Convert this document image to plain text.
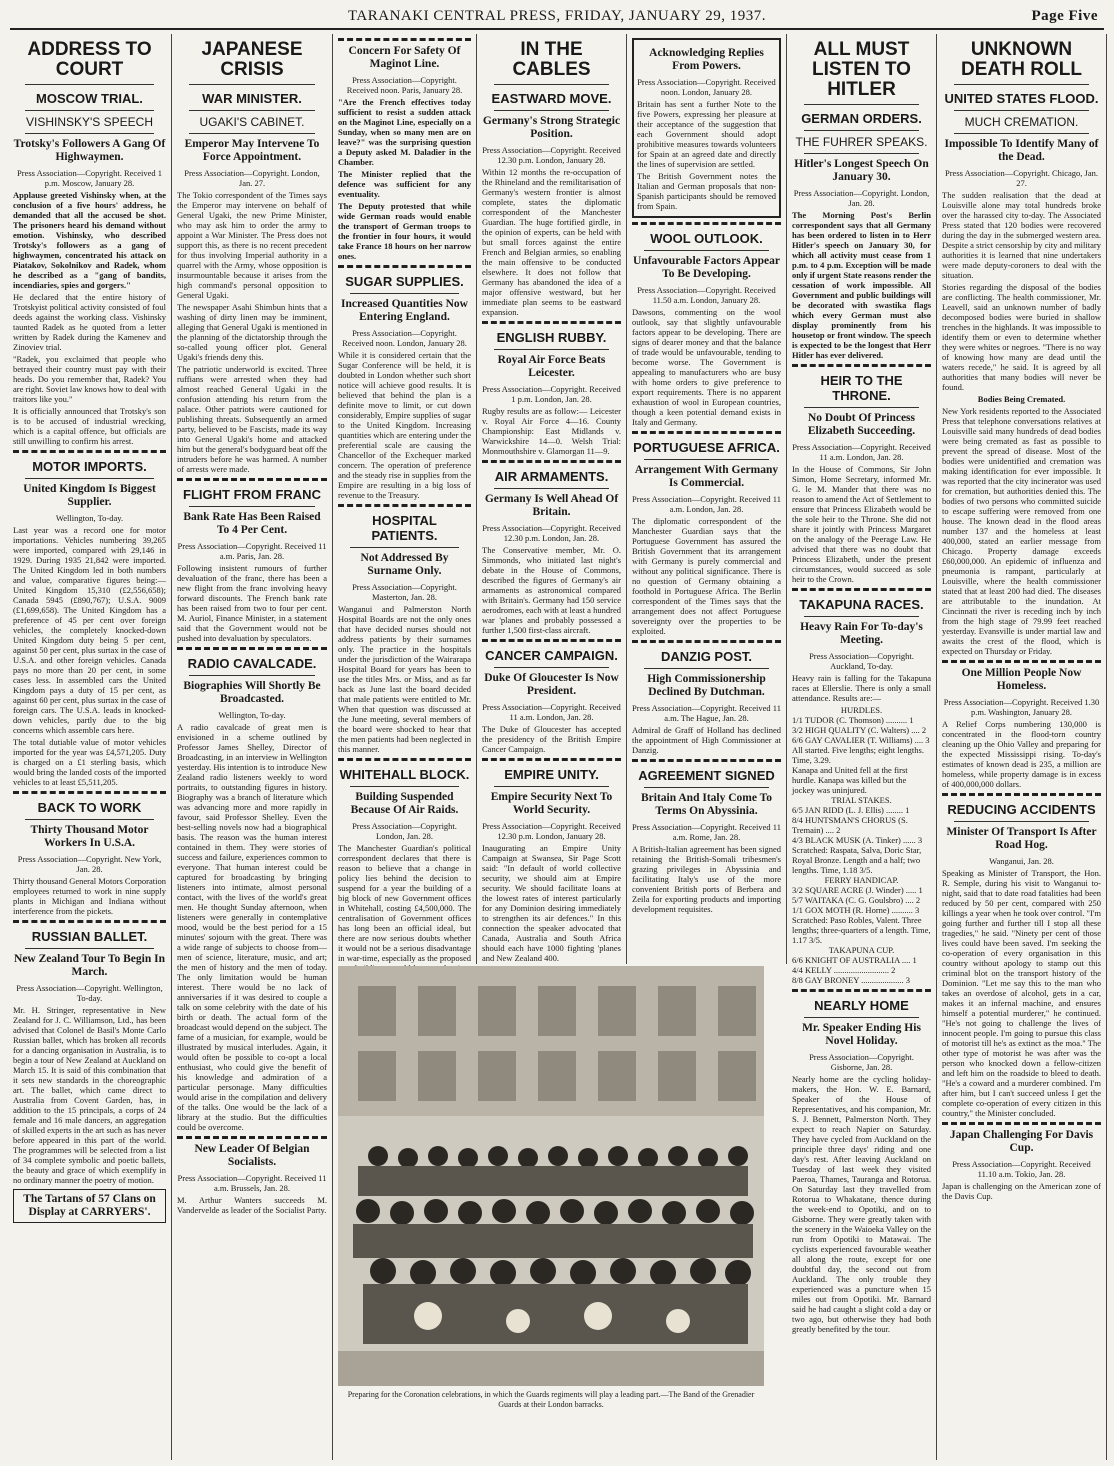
TARANAKI CENTRAL PRESS, FRIDAY, JANUARY 29, 1937.	Page Five
ADDRESS TO COURT
MOSCOW TRIAL.
VISHINSKY'S SPEECH
Trotsky's Followers A Gang Of Highwaymen.
Press Association—Copyright. Received 1 p.m. Moscow, January 28.

Applause greeted Vishinsky when, at the conclusion of a five hours' address, he demanded that all the accused be shot. The prisoners heard his demand without emotion. Vishinsky, who described Trotsky's followers as a gang of highwaymen, concentrated his attack on Piatakov, Sokolnikov and Radek, whom he described as a "gang of bandits, incendiaries, spies and gorgers."

He declared that the entire history of Trotskyist political activity consisted of foul deeds against the working class. Vishinsky taunted Radek as he quoted from a letter written by Radek during the Kamenev and Zinoviev trial.

"Radek, you exclaimed that people who betrayed their country must pay with their heads. Do you remember that, Radek? You are right. Soviet law knows how to deal with traitors like you."

It is officially announced that Trotsky's son is to be accused of industrial wrecking, which is a capital offence, but officials are still unwilling to confirm his arrest.

MOTOR IMPORTS.
United Kingdom Is Biggest Supplier.
Wellington, To-day.

Last year was a record one for motor importations. Vehicles numbering 39,265 were imported, compared with 29,146 in 1929. During 1935 21,842 were imported. The United Kingdom led in both numbers and value, comparative figures being:— United Kingdom 15,310 (£2,556,658); Canada 5945 (£890,767); U.S.A. 9009 (£1,699,658). The United Kingdom has a preference of 45 per cent over foreign vehicles, the completely knocked-down United Kingdom duty being 5 per cent, against 50 per cent, plus surtax in the case of U.S.A. and other foreign vehicles. Canada pays no more than 20 per cent, in some cases less. In assembled cars the United Kingdom pays a duty of 15 per cent, as against 60 per cent, plus surtax in the case of foreign cars. The U.S.A. leads in knocked-down vehicles, partly due to the big concerns which assemble cars here.

The total dutiable value of motor vehicles imported for the year was £4,571,205. Duty is charged on a £1 sterling basis, which would bring the landed costs of the imported vehicles to at least £5,511,205.

BACK TO WORK
Thirty Thousand Motor Workers In U.S.A.
Press Association—Copyright. New York, Jan. 28.

Thirty thousand General Motors Corporation employees returned to work in nine supply plants in Michigan and Indiana without interference from the pickets.

RUSSIAN BALLET.
New Zealand Tour To Begin In March.
Press Association—Copyright. Wellington, To-day.

Mr. H. Stringer, representative in New Zealand for J. C. Williamson, Ltd., has been advised that Colonel de Basil's Monte Carlo Russian ballet, which has broken all records for a dancing organisation in Australia, is to begin a tour of New Zealand at Auckland on March 15. It is said of this combination that it sets new standards in the choreographic art. The ballet, which came direct to Australia from Covent Garden, has, in addition to the 15 principals, a corps of 24 female and 16 male dancers, an aggregation of skilled experts in the art such as has never before appeared in this part of the world. The programmes will be selected from a list of 34 complete symbolic and poetic ballets, the beauty and grace of which exemplify in no ordinary manner the poetry of motion.

The Tartans of 57 Clans on Display at CARRYERS'.
JAPANESE CRISIS
WAR MINISTER.
UGAKI'S CABINET.
Emperor May Intervene To Force Appointment.
Press Association—Copyright. London, Jan. 27.

The Tokio correspondent of the Times says the Emperor may intervene on behalf of General Ugaki, the new Prime Minister, who may ask him to order the army to appoint a War Minister. The Press does not support this, as there is no recent precedent for thus involving Imperial authority in a quarrel with the Army, whose opposition is insurmountable because it arises from the high command's personal opposition to General Ugaki.

The newspaper Asahi Shimbun hints that a washing of dirty linen may be imminent, alleging that General Ugaki is mentioned in the planning of the dictatorship through the so-called young officer plot. General Ugaki's friends deny this.

The patriotic underworld is excited. Three ruffians were arrested when they had almost reached General Ugaki in the confusion attending his return from the palace. Other patriots were cautioned for publishing threats. Subsequently an armed party, believed to be Fascists, made its way into General Ugaki's home and attacked him but the general's bodyguard beat off the intruders before he was harmed. A number of arrests were made.

FLIGHT FROM FRANC
Bank Rate Has Been Raised To 4 Per Cent.
Press Association—Copyright. Received 11 a.m. Paris, Jan. 28.

Following insistent rumours of further devaluation of the franc, there has been a new flight from the franc involving heavy forward discounts. The French bank rate has been raised from two to four per cent. M. Auriol, Finance Minister, in a statement said that the Government would not be pushed into devaluation by speculators.

RADIO CAVALCADE.
Biographies Will Shortly Be Broadcasted.
Wellington, To-day.

A radio cavalcade of great men is envisioned in a scheme outlined by Professor James Shelley, Director of Broadcasting, in an interview in Wellington yesterday. His intention is to introduce New Zealand radio listeners weekly to word portraits, to outstanding figures in history. Biography was a branch of literature which was advancing more and more rapidly in favour, said Professor Shelley. Even the best-selling novels now had a biographical basis. The reason was the human interest contained in them. They were stories of success and failure, experiences common to everyone. That human interest could be captured for broadcasting by bringing listeners into intimate, almost personal contact, with the lives of the world's great men. He thought Sunday afternoon, when listeners were generally in contemplative mood, would be the best period for a 15 minutes' sojourn with the great. There was a wide range of subjects to choose from—men of science, literature, music, and art; the men of history and the men of today. The only limitation would be human interest. There would be no lack of anniversaries if it was desired to couple a talk on some celebrity with the date of his birth or death. The actual form of the broadcast would depend on the subject. The fame of a musician, for example, would be illustrated by musical interludes. Again, it would often be possible to co-opt a local enthusiast, who could give the benefit of his knowledge and admiration of a particular personage. Many difficulties would arise in the compilation and delivery of the talks. One would be the lack of a library at the studio. But the difficulties could be overcome.

New Leader Of Belgian Socialists.
Press Association—Copyright. Received 11 a.m. Brussels, Jan. 28.

M. Arthur Wanters succeeds M. Vandervelde as leader of the Socialist Party.

Concern For Safety Of Maginot Line.
Press Association—Copyright. Received noon. Paris, January 28.

"Are the French effectives today sufficient to resist a sudden attack on the Maginot Line, especially on a Sunday, when so many men are on leave?" was the surprising question a Deputy asked M. Daladier in the Chamber.

The Minister replied that the defence was sufficient for any eventuality.

The Deputy protested that while wide German roads would enable the transport of German troops to the frontier in four hours, it would take France 18 hours on her narrow ones.

SUGAR SUPPLIES.
Increased Quantities Now Entering England.
Press Association—Copyright. Received noon. London, January 28.

While it is considered certain that the Sugar Conference will be held, it is doubted in London whether such short notice will achieve good results. It is believed that behind the plan is a definite move to limit, or cut down considerably, Empire supplies of sugar to the United Kingdom. Increasing quantities which are entering under the preferential scale are causing the Chancellor of the Exchequer marked concern. The operation of preference and the steady rise in supplies from the Empire are resulting in a big loss of revenue to the Treasury.

HOSPITAL PATIENTS.
Not Addressed By Surname Only.
Press Association—Copyright. Masterton, Jan. 28.

Wanganui and Palmerston North Hospital Boards are not the only ones that have decided nurses should not address patients by their surnames only. The practice in the hospitals under the jurisdiction of the Wairarapa Hospital Board for years has been to use the titles Mrs. or Miss, and as far back as June last the board decided that male patients were entitled to Mr. When that question was discussed at the June meeting, several members of the board were shocked to hear that the men patients had been neglected in this manner.

WHITEHALL BLOCK.
Building Suspended Because Of Air Raids.
Press Association—Copyright. London, Jan. 28.

The Manchester Guardian's political correspondent declares that there is reason to believe that a change in policy lies behind the decision to suspend for a year the building of a big block of new Government offices in Whitehall, costing £4,500,000. The centralisation of Government offices has long been an official ideal, but there are now serious doubts whether it would not be a serious disadvantage in war-time, especially as the proposed

IN THE CABLES
EASTWARD MOVE.
Germany's Strong Strategic Position.
Press Association—Copyright. Received 12.30 p.m. London, January 28.

Within 12 months the re-occupation of the Rhineland and the remilitarisation of Germany's western frontier is almost complete, states the diplomatic correspondent of the Manchester Guardian. The huge fortified girdle, in the opinion of experts, can be held with but small forces against the entire French and Belgian armies, so enabling the main offensive to be conducted elsewhere. It does not follow that Germany has abandoned the idea of a major offensive westward, but her immediate plan seems to be eastward expansion.

ENGLISH RUBBY.
Royal Air Force Beats Leicester.
Press Association—Copyright. Received 1 p.m. London, Jan. 28.

Rugby results are as follow:— Leicester v. Royal Air Force 4—16. County Championship: East Midlands v. Warwickshire 14—0. Welsh Trial: Monmouthshire v. Glamorgan 11—9.

AIR ARMAMENTS.
Germany Is Well Ahead Of Britain.
Press Association—Copyright. Received 12.30 p.m. London, Jan. 28.

The Conservative member, Mr. O. Simmonds, who initiated last night's debate in the House of Commons, described the figures of Germany's air armaments as astronomical compared with Britain's. Germany had 150 service aerodromes, each with at least a hundred war 'planes and probably possessed a further 1,500 first-class aircraft.

CANCER CAMPAIGN.
Duke Of Gloucester Is Now President.
Press Association—Copyright. Received 11 a.m. London, Jan. 28.

The Duke of Gloucester has accepted the presidency of the British Empire Cancer Campaign.

EMPIRE UNITY.
Empire Security Next To World Security.
Press Association—Copyright. Received 12.30 p.m. London, January 28.

Inaugurating an Empire Unity Campaign at Swansea, Sir Page Scott said: "In default of world collective security, we should aim at Empire security. We should facilitate loans at the lowest rates of interest particularly for any Dominion desiring immediately to strengthen its air defences." In this connection the speaker advocated that Canada, Australia and South Africa should each have 1000 fighting 'planes and New Zealand 400.

Acknowledging Replies From Powers.
Press Association—Copyright. Received noon. London, January 28.

Britain has sent a further Note to the five Powers, expressing her pleasure at their acceptance of the suggestion that each Government should adopt prohibitive measures towards volunteers for Spain at an agreed date and directly the lines of supervision are settled.

The British Government notes the Italian and German proposals that non-Spanish participants should be removed from Spain.

WOOL OUTLOOK.
Unfavourable Factors Appear To Be Developing.
Press Association—Copyright. Received 11.50 a.m. London, January 28.

Dawsons, commenting on the wool outlook, say that slightly unfavourable factors appear to be developing. There are signs of dearer money and that the balance of trade would be unfavourable, tending to become worse. The Government is appealing to manufacturers who are busy with home orders to give preference to export requirements. There is no apparent exhaustion of wool in European countries, though a keen potential demand exists in Italy and Germany.

PORTUGUESE AFRICA.
Arrangement With Germany Is Commercial.
Press Association—Copyright. Received 11 a.m. London, Jan. 28.

The diplomatic correspondent of the Manchester Guardian says that the Portuguese Government has assured the British Government that its arrangement with Germany is purely commercial and without any political significance. There is no question of Germany obtaining a foothold in Portuguese Africa. The Berlin correspondent of the Times says that the arrangement does not affect Portuguese sovereignty over the properties to be exploited.

DANZIG POST.
High Commissionership Declined By Dutchman.
Press Association—Copyright. Received 11 a.m. The Hague, Jan. 28.

Admiral de Graff of Holland has declined the appointment of High Commissioner at Danzig.

AGREEMENT SIGNED
Britain And Italy Come To Terms On Abyssinia.
Press Association—Copyright. Received 11 a.m. Rome, Jan. 28.

A British-Italian agreement has been signed retaining the British-Somali tribesmen's grazing privileges in Abyssinia and facilitating Italy's use of the more convenient British ports of Berbera and Zeila for exporting products and importing development requisites.

ALL MUST LISTEN TO HITLER
GERMAN ORDERS.
THE FUHRER SPEAKS.
Hitler's Longest Speech On January 30.
Press Association—Copyright. London, Jan. 28.

The Morning Post's Berlin correspondent says that all Germany has been ordered to listen in to Herr Hitler's speech on January 30, for which all activity must cease from 1 p.m. to 4 p.m. Exception will be made only if urgent State reasons render the cessation of work impossible. All Government and public buildings will be decorated with swastika flags which every German must also display prominently from his housetop or front window. The speech is expected to be the longest that Herr Hitler has ever delivered.

HEIR TO THE THRONE.
No Doubt Of Princess Elizabeth Succeeding.
Press Association—Copyright. Received 11 a.m. London, Jan. 28.

In the House of Commons, Sir John Simon, Home Secretary, informed Mr. G. le M. Mander that there was no reason to amend the Act of Settlement to ensure that Princess Elizabeth would be the sole heir to the Throne. She did not share it jointly with Princess Margaret on the analogy of the Peerage Law. He advised that there was no doubt that Princess Elizabeth, under the present circumstances, would succeed as sole heir to the Crown.

TAKAPUNA RACES.
Heavy Rain For To-day's Meeting.
Press Association—Copyright. Auckland, To-day.

Heavy rain is falling for the Takapuna races at Ellerslie. There is only a small attendance. Results are:—

HURDLES.
1/1 TUDOR (C. Thomson) .......... 1
3/2 HIGH QUALITY (C. Walters) .... 2
6/6 GAY CAVALIER (T. Williams) .... 3
All started. Five lengths; eight lengths. Time, 3.29.
Kanapa and United fell at the first hurdle. Kanapa was killed but the jockey was uninjured.
TRIAL STAKES.
6/5 JAN RIDD (L. J. Ellis) ........ 1
8/4 HUNTSMAN'S CHORUS (S. Tremain) .... 2
4/3 BLACK MUSK (A. Tinker) ...... 3
Scratched: Raspata, Salva, Doric Star, Royal Bronze. Length and a half; two lengths. Time, 1.18 3/5.
FERRY HANDICAP.
3/2 SQUARE ACRE (J. Winder) ..... 1
5/7 WAITAKA (C. G. Goulsbro) .... 2
1/1 GOX MOTH (R. Horne) .......... 3
Scratched: Paso Robles, Valent. Three lengths; three-quarters of a length. Time, 1.17 3/5.
TAKAPUNA CUP.
6/6 KNIGHT OF AUSTRALIA .... 1
4/4 KELLY .......................... 2
8/8 GAY BRONEY .................... 3
NEARLY HOME
Mr. Speaker Ending His Novel Holiday.
Press Association—Copyright. Gisborne, Jan. 28.

Nearly home are the cycling holiday-makers, the Hon. W. E. Barnard, Speaker of the House of Representatives, and his companion, Mr. S. J. Bennett, Palmerston North. They expect to reach Napier on Saturday. They have cycled from Auckland on the principle three days' riding and one day's rest. After leaving Auckland on Tuesday of last week they visited Paeroa, Thames, Tauranga and Rotorua. On Saturday last they travelled from Rotorua to Whakatane, thence during the week-end to Opotiki, and on to Gisborne. They were greatly taken with the scenery in the Waioeka Valley on the run from Opotiki to Matawai. The cyclists experienced favourable weather all along the route, except for one doubtful day, the second out from Auckland. The only trouble they experienced was a puncture when 15 miles out from Opotiki. Mr. Barnard said he had caught a slight cold a day or two ago, but otherwise they had both greatly benefited by the tour.

UNKNOWN DEATH ROLL
UNITED STATES FLOOD.
MUCH CREMATION.
Impossible To Identify Many of the Dead.
Press Association—Copyright. Chicago, Jan. 27.

The sudden realisation that the dead at Louisville alone may total hundreds broke over the harassed city to-day. The Associated Press stated that 120 bodies were recovered during the day in the submerged western area. Despite a strict censorship by city and military authorities it is learned that nine undertakers were made deputy-coroners to deal with the situation.

Stories regarding the disposal of the bodies are conflicting. The health commissioner, Mr. Leavell, said an unknown number of badly decomposed bodies were buried in shallow trenches in the highlands. It was impossible to identify them or even to determine whether they were whites or negroes. "There is no way of knowing how many are dead until the waters recede," he said. It is agreed by all authorities that many bodies will never be found.

Bodies Being Cremated.

New York residents reported to the Associated Press that telephone conversations relatives at Louisville said many hundreds of dead bodies were being cremated as fast as possible to prevent the spread of disease. Most of the bodies were unidentified and cremation was making identification for ever impossible. It was reported that the city incinerator was used for cremation, but authorities denied this. The bodies of two persons who committed suicide to escape suffering were removed from one house. The known dead in the flood areas number 137 and the homeless at least 400,000, stated an earlier message from Chicago. Property damage exceeds £60,000,000. An epidemic of influenza and pneumonia is rampant, particularly at Louisville, where the health commissioner stated that at least 200 had died. The diseases are attributable to the inundation. At Cincinnati the river is receding inch by inch from the high stage of 79.99 feet reached yesterday. Evansville is under martial law and awaits the crest of the flood, which is expected on Thursday or Friday.

One Million People Now Homeless.
Press Association—Copyright. Received 1.30 p.m. Washington, January 28.

A Relief Corps numbering 130,000 is concentrated in the flood-torn country cleaning up the Ohio Valley and preparing for the expected Mississippi rising. To-day's estimates of known dead is 235, a million are homeless, while property damage is in excess of 400,000,000 dollars.

REDUCING ACCIDENTS
Minister Of Transport Is After Road Hog.
Wanganui, Jan. 28.

Speaking as Minister of Transport, the Hon. R. Semple, during his visit to Wanganui to-night, said that to date road fatalities had been reduced by 50 per cent, compared with 250 killings a year when he took over control. "I'm going further and further till I stop all these tragedies," he said. "Ninety per cent of those lives could have been saved. I'm seeking the co-operation of every organisation in this country without apology to stamp out this criminal blot on the transport history of the Dominion. "Let me say this to the man who takes an overdose of alcohol, gets in a car, makes it an infernal machine, and ensures himself a potential murderer," he continued. "He's not going to challenge the lives of innocent people. I'm going to pursue this class of motorist till he's as extinct as the moa." The other type of motorist he was after was the person who knocked down a fellow-citizen and left him on the roadside to bleed to death. "He's a coward and a murderer combined. I'm after him, but I can't succeed unless I get the complete co-operation of every citizen in this country," the Minister concluded.

Japan Challenging For Davis Cup.
Press Association—Copyright. Received 11.10 a.m. Tokio, Jan. 28.

Japan is challenging on the American zone of the Davis Cup.

Preparing for the Coronation celebrations, in which the Guards regiments will play a leading part.—The Band of the Grenadier Guards at their London barracks.
